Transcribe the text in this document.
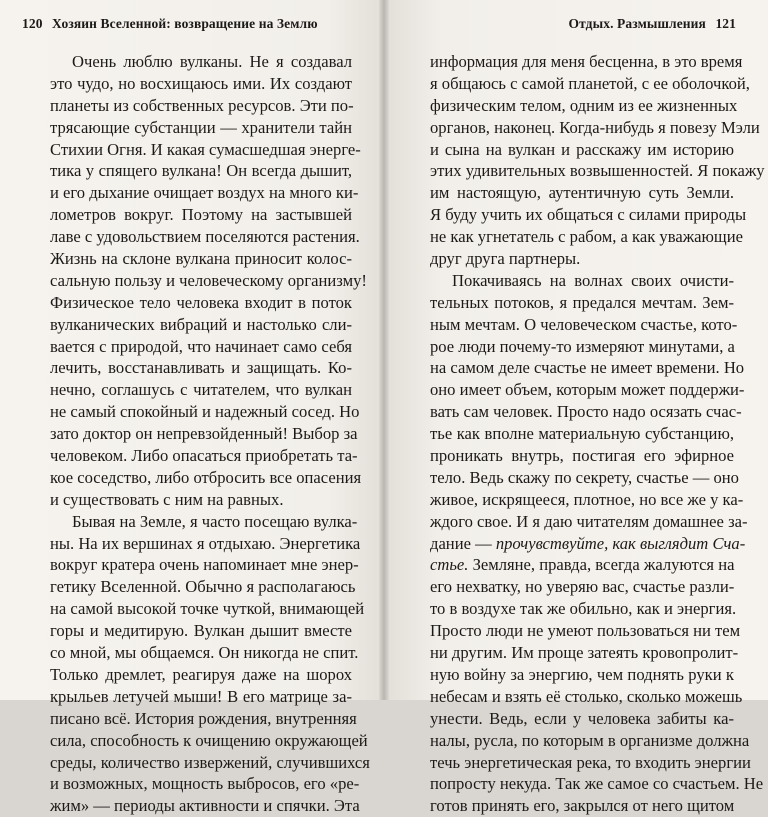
120 Хозяин Вселенной: возвращение на Землю
Очень люблю вулканы. Не я создавал
это чудо, но восхищаюсь ими. Их создают
планеты из собственных ресурсов. Эти по-
трясающие субстанции — хранители тайн
Стихии Огня. И какая сумасшедшая энерге-
тика у спящего вулкана! Он всегда дышит,
и его дыхание очищает воздух на много ки-
лометров вокруг. Поэтому на застывшей
лаве с удовольствием поселяются растения.
Жизнь на склоне вулкана приносит колос-
сальную пользу и человеческому организму!
Физическое тело человека входит в поток
вулканических вибраций и настолько сли-
вается с природой, что начинает само себя
лечить, восстанавливать и защищать. Ко-
нечно, соглашусь с читателем, что вулкан
не самый спокойный и надежный сосед. Но
зато доктор он непревзойденный! Выбор за
человеком. Либо опасаться приобретать та-
кое соседство, либо отбросить все опасения
и существовать с ним на равных.
Бывая на Земле, я часто посещаю вулка-
ны. На их вершинах я отдыхаю. Энергетика
вокруг кратера очень напоминает мне энер-
гетику Вселенной. Обычно я располагаюсь
на самой высокой точке чуткой, внимающей
горы и медитирую. Вулкан дышит вместе
со мной, мы общаемся. Он никогда не спит.
Только дремлет, реагируя даже на шорох
крыльев летучей мыши! В его матрице за-
писано всё. История рождения, внутренняя
сила, способность к очищению окружающей
среды, количество извержений, случившихся
и возможных, мощность выбросов, его «ре-
жим» — периоды активности и спячки. Эта
Отдых. Размышления 121
информация для меня бесценна, в это время
я общаюсь с самой планетой, с ее оболочкой,
физическим телом, одним из ее жизненных
органов, наконец. Когда-нибудь я повезу Мэли
и сына на вулкан и расскажу им историю
этих удивительных возвышенностей. Я покажу
им настоящую, аутентичную суть Земли.
Я буду учить их общаться с силами природы
не как угнетатель с рабом, а как уважающие
друг друга партнеры.
Покачиваясь на волнах своих очисти-
тельных потоков, я предался мечтам. Зем-
ным мечтам. О человеческом счастье, кото-
рое люди почему-то измеряют минутами, а
на самом деле счастье не имеет времени. Но
оно имеет объем, которым может поддержи-
вать сам человек. Просто надо осязать счас-
тье как вполне материальную субстанцию,
проникать внутрь, постигая его эфирное
тело. Ведь скажу по секрету, счастье — оно
живое, искрящееся, плотное, но все же у ка-
ждого свое. И я даю читателям домашнее за-
дание — прочувствуйте, как выглядит Сча-
стье. Земляне, правда, всегда жалуются на
его нехватку, но уверяю вас, счастье разли-
то в воздухе так же обильно, как и энергия.
Просто люди не умеют пользоваться ни тем
ни другим. Им проще затеять кровопролит-
ную войну за энергию, чем поднять руки к
небесам и взять её столько, сколько можешь
унести. Ведь, если у человека забиты ка-
налы, русла, по которым в организме должна
течь энергетическая река, то входить энергии
попросту некуда. Так же самое со счастьем. Не
готов принять его, закрылся от него щитом
